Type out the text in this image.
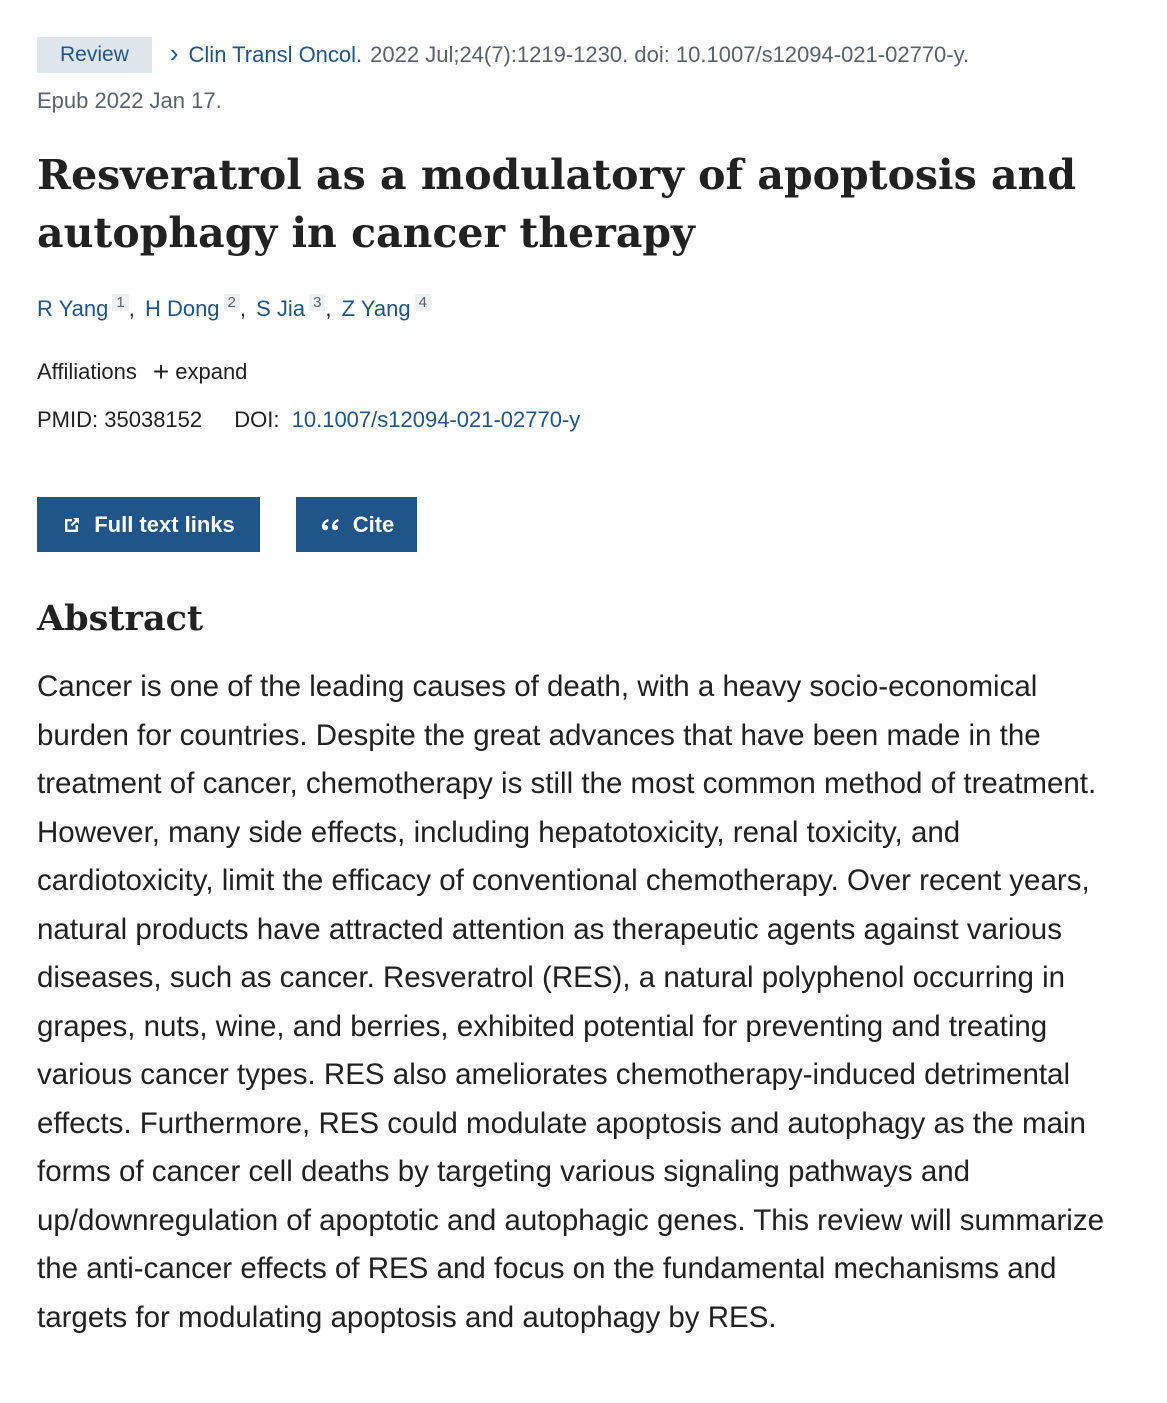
Review	› Clin Transl Oncol. 2022 Jul;24(7):1219-1230. doi: 10.1007/s12094-021-02770-y.
Epub 2022 Jan 17.
Resveratrol as a modulatory of apoptosis and autophagy in cancer therapy
R Yang 1 , H Dong 2 , S Jia 3 , Z Yang 4
Affiliations + expand
PMID: 35038152 DOI: 10.1007/s12094-021-02770-y
Full text links	Cite
Abstract

Cancer is one of the leading causes of death, with a heavy socio-economical burden for countries. Despite the great advances that have been made in the treatment of cancer, chemotherapy is still the most common method of treatment. However, many side effects, including hepatotoxicity, renal toxicity, and cardiotoxicity, limit the efficacy of conventional chemotherapy. Over recent years, natural products have attracted attention as therapeutic agents against various diseases, such as cancer. Resveratrol (RES), a natural polyphenol occurring in grapes, nuts, wine, and berries, exhibited potential for preventing and treating various cancer types. RES also ameliorates chemotherapy-induced detrimental effects. Furthermore, RES could modulate apoptosis and autophagy as the main forms of cancer cell deaths by targeting various signaling pathways and up/downregulation of apoptotic and autophagic genes. This review will summarize the anti-cancer effects of RES and focus on the fundamental mechanisms and targets for modulating apoptosis and autophagy by RES.
